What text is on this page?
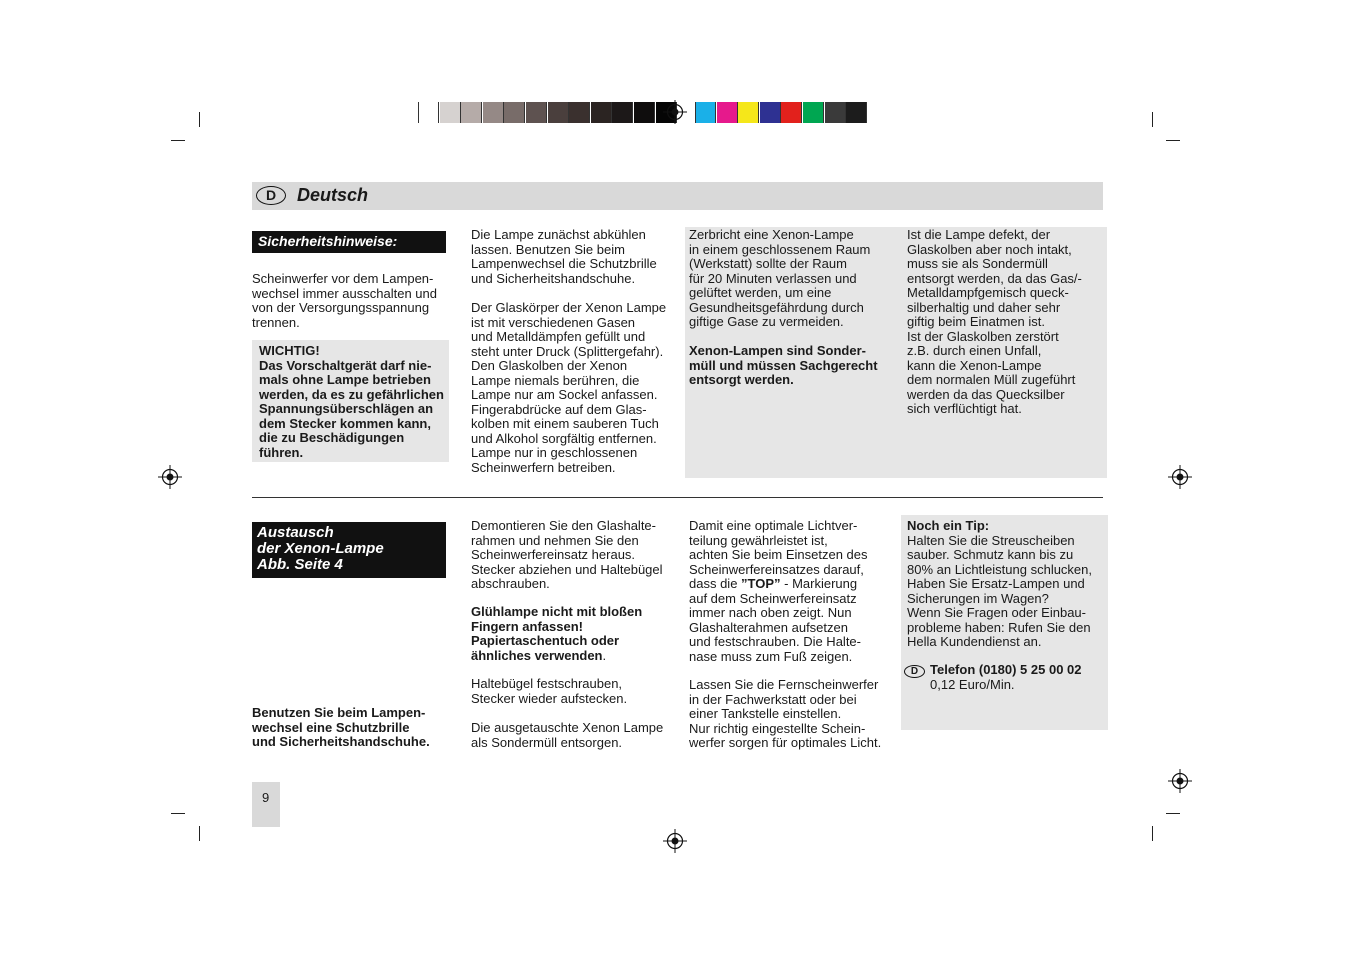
D	Deutsch
Sicherheitshinweise:
Scheinwerfer vor dem Lampen-
wechsel immer ausschalten und
von der Versorgungsspannung
trennen.
WICHTIG!
Das Vorschaltgerät darf nie-
mals ohne Lampe betrieben
werden, da es zu gefährlichen
Spannungsüberschlägen an
dem Stecker kommen kann,
die zu Beschädigungen
führen.
Die Lampe zunächst abkühlen
lassen. Benutzen Sie beim
Lampenwechsel die Schutzbrille
und Sicherheitshandschuhe.
Der Glaskörper der Xenon Lampe
ist mit verschiedenen Gasen
und Metalldämpfen gefüllt und
steht unter Druck (Splittergefahr).
Den Glaskolben der Xenon
Lampe niemals berühren, die
Lampe nur am Sockel anfassen.
Fingerabdrücke auf dem Glas-
kolben mit einem sauberen Tuch
und Alkohol sorgfältig entfernen.
Lampe nur in geschlossenen
Scheinwerfern betreiben.
Zerbricht eine Xenon-Lampe
in einem geschlossenem Raum
(Werkstatt) sollte der Raum
für 20 Minuten verlassen und
gelüftet werden, um eine
Gesundheitsgefährdung durch
giftige Gase zu vermeiden.
Xenon-Lampen sind Sonder-
müll und müssen Sachgerecht
entsorgt werden.
Ist die Lampe defekt, der
Glaskolben aber noch intakt,
muss sie als Sondermüll
entsorgt werden, da das Gas/-
Metalldampfgemisch queck-
silberhaltig und daher sehr
giftig beim Einatmen ist.
Ist der Glaskolben zerstört
z.B. durch einen Unfall,
kann die Xenon-Lampe
dem normalen Müll zugeführt
werden da das Quecksilber
sich verflüchtigt hat.
Austausch
der Xenon-Lampe
Abb. Seite 4
Benutzen Sie beim Lampen-
wechsel eine Schutzbrille
und Sicherheitshandschuhe.
Demontieren Sie den Glashalte-
rahmen und nehmen Sie den
Scheinwerfereinsatz heraus.
Stecker abziehen und Haltebügel
abschrauben.
Glühlampe nicht mit bloßen
Fingern anfassen!
Papiertaschentuch oder
ähnliches verwenden.
Haltebügel festschrauben,
Stecker wieder aufstecken.
Die ausgetauschte Xenon Lampe
als Sondermüll entsorgen.
Damit eine optimale Lichtver-
teilung gewährleistet ist,
achten Sie beim Einsetzen des
Scheinwerfereinsatzes darauf,
dass die ”TOP” - Markierung
auf dem Scheinwerfereinsatz
immer nach oben zeigt. Nun
Glashalterahmen aufsetzen
und festschrauben. Die Halte-
nase muss zum Fuß zeigen.
Lassen Sie die Fernscheinwerfer
in der Fachwerkstatt oder bei
einer Tankstelle einstellen.
Nur richtig eingestellte Schein-
werfer sorgen für optimales Licht.
Noch ein Tip:
Halten Sie die Streuscheiben
sauber. Schmutz kann bis zu
80% an Lichtleistung schlucken,
Haben Sie Ersatz-Lampen und
Sicherungen im Wagen?
Wenn Sie Fragen oder Einbau-
probleme haben: Rufen Sie den
Hella Kundendienst an.
D Telefon (0180) 5 25 00 02
0,12 Euro/Min.
9
